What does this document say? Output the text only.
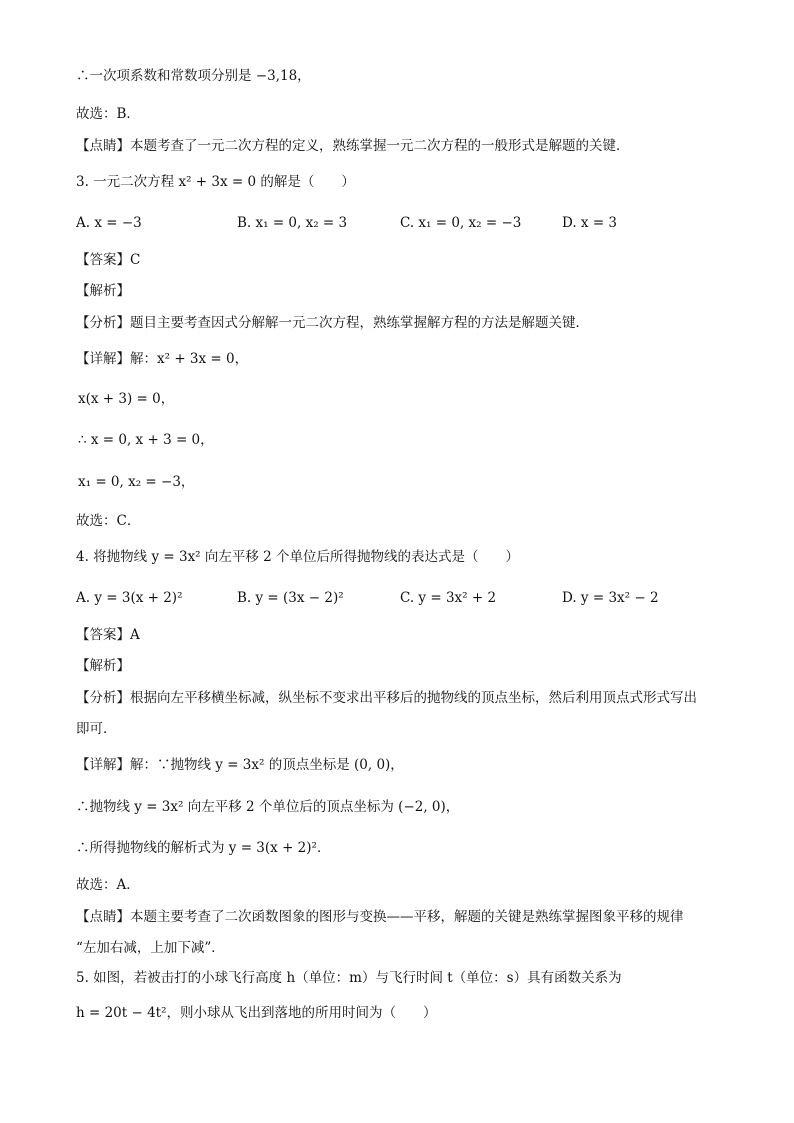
∴一次项系数和常数项分别是 −3,18，
故选：B．
【点睛】本题考查了一元二次方程的定义，熟练掌握一元二次方程的一般形式是解题的关键．
3. 一元二次方程 x² + 3x = 0 的解是（　　）
A. x = −3	B. x₁ = 0, x₂ = 3	C. x₁ = 0, x₂ = −3	D. x = 3
【答案】C
【解析】
【分析】题目主要考查因式分解解一元二次方程，熟练掌握解方程的方法是解题关键．
【详解】解：x² + 3x = 0，
x(x + 3) = 0，
∴ x = 0, x + 3 = 0，
x₁ = 0, x₂ = −3，
故选：C．
4. 将抛物线 y = 3x² 向左平移 2 个单位后所得抛物线的表达式是（　　）
A. y = 3(x + 2)²	B. y = (3x − 2)²	C. y = 3x² + 2	D. y = 3x² − 2
【答案】A
【解析】
【分析】根据向左平移横坐标减，纵坐标不变求出平移后的抛物线的顶点坐标，然后利用顶点式形式写出
即可．
【详解】解：∵抛物线 y = 3x² 的顶点坐标是 (0, 0)，
∴抛物线 y = 3x² 向左平移 2 个单位后的顶点坐标为 (−2, 0)，
∴所得抛物线的解析式为 y = 3(x + 2)²．
故选：A．
【点睛】本题主要考查了二次函数图象的图形与变换——平移，解题的关键是熟练掌握图象平移的规律
“左加右减，上加下减”．
5. 如图，若被击打的小球飞行高度 h（单位：m）与飞行时间 t（单位：s）具有函数关系为
h = 20t − 4t²，则小球从飞出到落地的所用时间为（　　）
